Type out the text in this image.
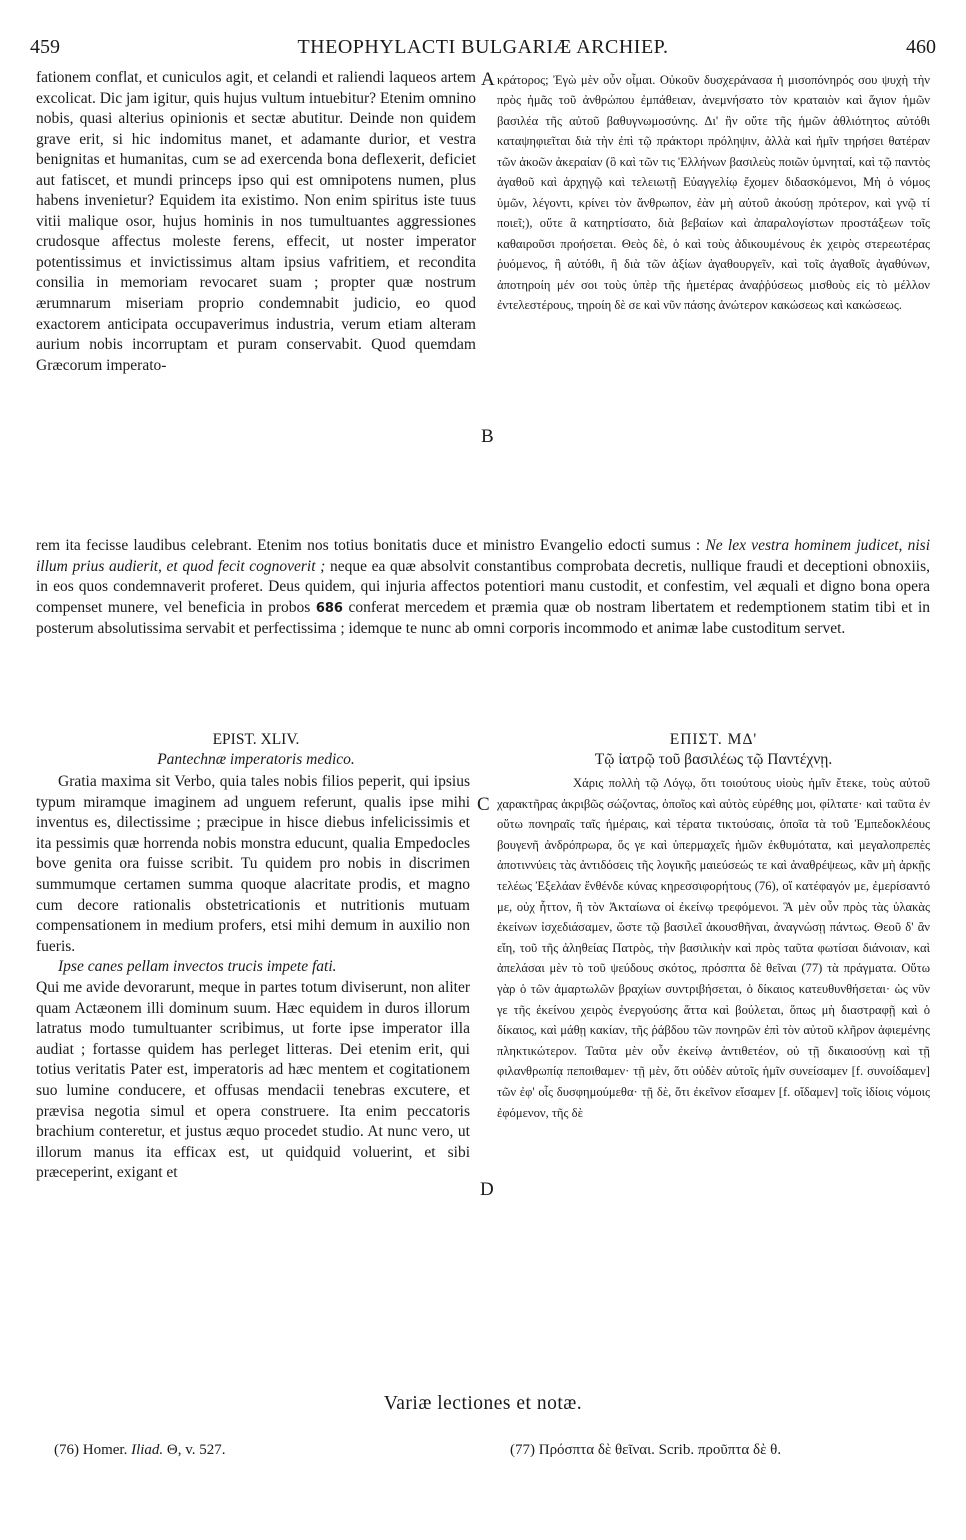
459	THEOPHYLACTI BULGARIÆ ARCHIEP.	460

fationem conflat, et cuniculos agit, et celandi et raliendi laqueos artem excolicat. Dic jam igitur, quis hujus vultum intuebitur? Etenim omnino nobis, quasi alterius opinionis et sectæ abutitur. Deinde non quidem grave erit, si hic indomitus manet, et adamante durior, et vestra benignitas et humanitas, cum se ad exercenda bona deflexerit, deficiet aut fatiscet, et mundi princeps ipso qui est omnipotens numen, plus habens invenietur? Equidem ita existimo. Non enim spiritus iste tuus vitii malique osor, hujus hominis in nos tumultuantes aggressiones crudosque affectus moleste ferens, effecit, ut noster imperator potentissimus et invictissimus altam ipsius vafritiem, et recondita consilia in memoriam revocaret suam ; propter quæ nostrum ærumnarum miseriam proprio condemnabit judicio, eo quod exactorem anticipata occupaverimus industria, verum etiam alteram aurium nobis incorruptam et puram conservabit. Quod quemdam Græcorum imperato-

κράτορος; Ἐγὼ μὲν οὖν οἶμαι. Οὐκοῦν δυσχεράνασα ἡ μισοπόνηρός σου ψυχὴ τὴν πρὸς ἡμᾶς τοῦ ἀνθρώπου ἐμπάθειαν, ἀνεμνήσατο τὸν κραταιὸν καὶ ἅγιον ἡμῶν βασιλέα τῆς αὐτοῦ βαθυγνωμοσύνης. Δι' ἣν οὔτε τῆς ἡμῶν ἀθλιότητος αὐτόθι καταψηφιεῖται διὰ τὴν ἐπὶ τῷ πράκτορι πρόληψιν, ἀλλὰ καὶ ἡμῖν τηρήσει θατέραν τῶν ἀκοῶν ἀκεραίαν (ὃ καὶ τῶν τις Ἑλλήνων βασιλεὺς ποιῶν ὑμνηταί, καὶ τῷ παντὸς ἀγαθοῦ καὶ ἀρχηγῷ καὶ τελειωτῇ Εὐαγγελίῳ ἔχομεν διδασκόμενοι, Μὴ ὁ νόμος ὑμῶν, λέγοντι, κρίνει τὸν ἄνθρωπον, ἐὰν μὴ αὐτοῦ ἀκούσῃ πρότερον, καὶ γνῷ τί ποιεῖ;), οὔτε ἃ κατηρτίσατο, διὰ βεβαίων καὶ ἀπαραλογίστων προστάξεων τοῖς καθαιροῦσι προήσεται. Θεὸς δὲ, ὁ καὶ τοὺς ἀδικουμένους ἐκ χειρὸς στερεωτέρας ῥυόμενος, ἢ αὐτόθι, ἢ διὰ τῶν ἀξίων ἀγαθουργεῖν, καὶ τοῖς ἀγαθοῖς ἀγαθύνων, ἀποτηροίη μέν σοι τοὺς ὑπὲρ τῆς ἡμετέρας ἀναῤῥύσεως μισθοὺς εἰς τὸ μέλλον ἐντελεστέρους, τηροίη δὲ σε καὶ νῦν πάσης ἀνώτερον κακώσεως καὶ κακώσεως.

A
B

rem ita fecisse laudibus celebrant. Etenim nos totius bonitatis duce et ministro Evangelio edocti sumus : Ne lex vestra hominem judicet, nisi illum prius audierit, et quod fecit cognoverit ; neque ea quæ absolvit constantibus comprobata decretis, nullique fraudi et deceptioni obnoxiis, in eos quos condemnaverit proferet. Deus quidem, qui injuria affectos potentiori manu custodit, et confestim, vel æquali et digno bona opera compenset munere, vel beneficia in probos 686 conferat mercedem et præmia quæ ob nostram libertatem et redemptionem statim tibi et in posterum absolutissima servabit et perfectissima ; idemque te nunc ab omni corporis incommodo et animæ labe custoditum servet.

EPIST. XLIV.
Pantechnæ imperatoris medico.
ΕΠΙΣΤ. ΜΔ'
Τῷ ἰατρῷ τοῦ βασιλέως τῷ Παντέχνῃ.

Gratia maxima sit Verbo, quia tales nobis filios peperit, qui ipsius typum miramque imaginem ad unguem referunt, qualis ipse mihi inventus es, dilectissime ; præcipue in hisce diebus infelicissimis et ita pessimis quæ horrenda nobis monstra educunt, qualia Empedocles bove genita ora fuisse scribit. Tu quidem pro nobis in discrimen summumque certamen summa quoque alacritate prodis, et magno cum decore rationalis obstetricationis et nutritionis mutuam compensationem in medium profers, etsi mihi demum in auxilio non fueris.

Ipse canes pellam invectos trucis impete fati.

Qui me avide devorarunt, meque in partes totum diviserunt, non aliter quam Actæonem illi dominum suum. Hæc equidem in duros illorum latratus modo tumultuanter scribimus, ut forte ipse imperator illa audiat ; fortasse quidem has perleget litteras. Dei etenim erit, qui totius veritatis Pater est, imperatoris ad hæc mentem et cogitationem suo lumine conducere, et offusas mendacii tenebras excutere, et prævisa negotia simul et opera construere. Ita enim peccatoris brachium conteretur, et justus æquo procedet studio. At nunc vero, ut illorum manus ita efficax est, ut quidquid voluerint, et sibi præceperint, exigant et

Χάρις πολλὴ τῷ Λόγῳ, ὅτι τοιούτους υἱοὺς ἡμῖν ἔτεκε, τοὺς αὐτοῦ χαρακτῆρας ἀκριβῶς σώζοντας, ὁποῖος καὶ αὐτὸς εὑρέθης μοι, φίλτατε· καὶ ταῦτα ἐν οὕτω πονηραῖς ταῖς ἡμέραις, καὶ τέρατα τικτούσαις, ὁποῖα τὰ τοῦ Ἐμπεδοκλέους βουγενῆ ἀνδρόπρωρα, ὅς γε καὶ ὑπερμαχεῖς ἡμῶν ἐκθυμότατα, καὶ μεγαλοπρεπὲς ἀποτιννύεις τὰς ἀντιδόσεις τῆς λογικῆς μαιεύσεώς τε καὶ ἀναθρέψεως, κἂν μὴ ἀρκῇς τελέως Ἐξελάαν ἔνθένδε κύνας κηρεσσιφορήτους (76), οἵ κατέφαγόν με, ἐμερίσαντό με, οὐχ ἧττον, ἢ τὸν Ἀκταίωνα οἱ ἐκείνῳ τρεφόμενοι. Ἃ μὲν οὖν πρὸς τὰς ὑλακὰς ἐκείνων ἰσχεδιάσαμεν, ὥστε τῷ βασιλεῖ ἀκουσθῆναι, ἀναγνώσῃ πάντως. Θεοῦ δ' ἂν εἴη, τοῦ τῆς ἀληθείας Πατρὸς, τὴν βασιλικὴν καὶ πρὸς ταῦτα φωτίσαι διάνοιαν, καὶ ἀπελάσαι μὲν τὸ τοῦ ψεύδους σκότος, πρόσπτα δὲ θεῖναι (77) τὰ πράγματα. Οὕτω γὰρ ὁ τῶν ἁμαρτωλῶν βραχίων συντριβήσεται, ὁ δίκαιος κατευθυνθήσεται· ὡς νῦν γε τῆς ἐκείνου χειρὸς ἐνεργούσης ἅττα καὶ βούλεται, ὅπως μὴ διαστραφῇ καὶ ὁ δίκαιος, καὶ μάθῃ κακίαν, τῆς ῥάβδου τῶν πονηρῶν ἐπὶ τὸν αὐτοῦ κλῆρον ἀφιεμένης πληκτικώτερον. Ταῦτα μὲν οὖν ἐκείνῳ ἀντιθετέον, οὐ τῇ δικαιοσύνῃ καὶ τῇ φιλανθρωπίᾳ πεποιθαμεν· τῇ μὲν, ὅτι οὐδὲν αὐτοῖς ἡμῖν συνείσαμεν [f. συνοίδαμεν] τῶν ἐφ' οἷς δυσφημούμεθα· τῇ δὲ, ὅτι ἐκεῖνον εἴσαμεν [f. οἴδαμεν] τοῖς ἰδίοις νόμοις ἐφόμενον, τῆς δὲ

C
D
Variæ lectiones et notæ.
(76) Homer. Iliad. Θ, v. 527.	(77) Πρόσπτα δὲ θεῖναι. Scrib. προῦπτα δὲ θ.
